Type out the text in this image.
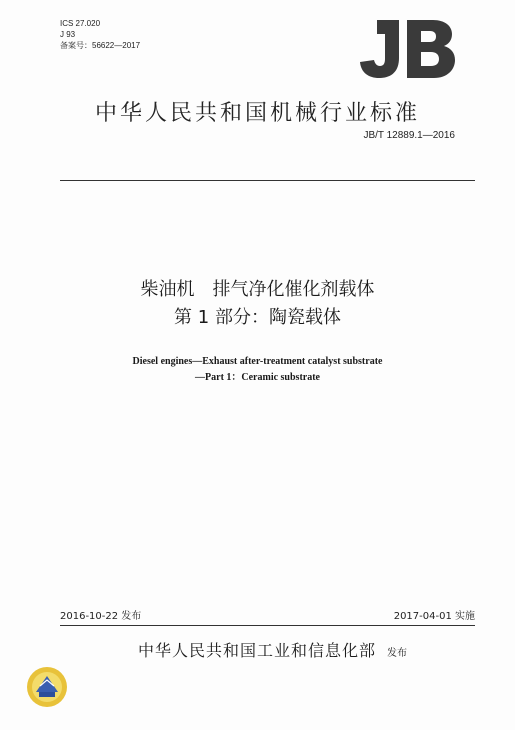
ICS 27.020
J 93
备案号：56622—2017
中华人民共和国机械行业标准
JB/T 12889.1—2016
柴油机　排气净化催化剂载体
第 1 部分：陶瓷载体
Diesel engines—Exhaust after-treatment catalyst substrate
—Part 1：Ceramic substrate
2016-10-22 发布	2017-04-01 实施
中华人民共和国工业和信息化部 发布
